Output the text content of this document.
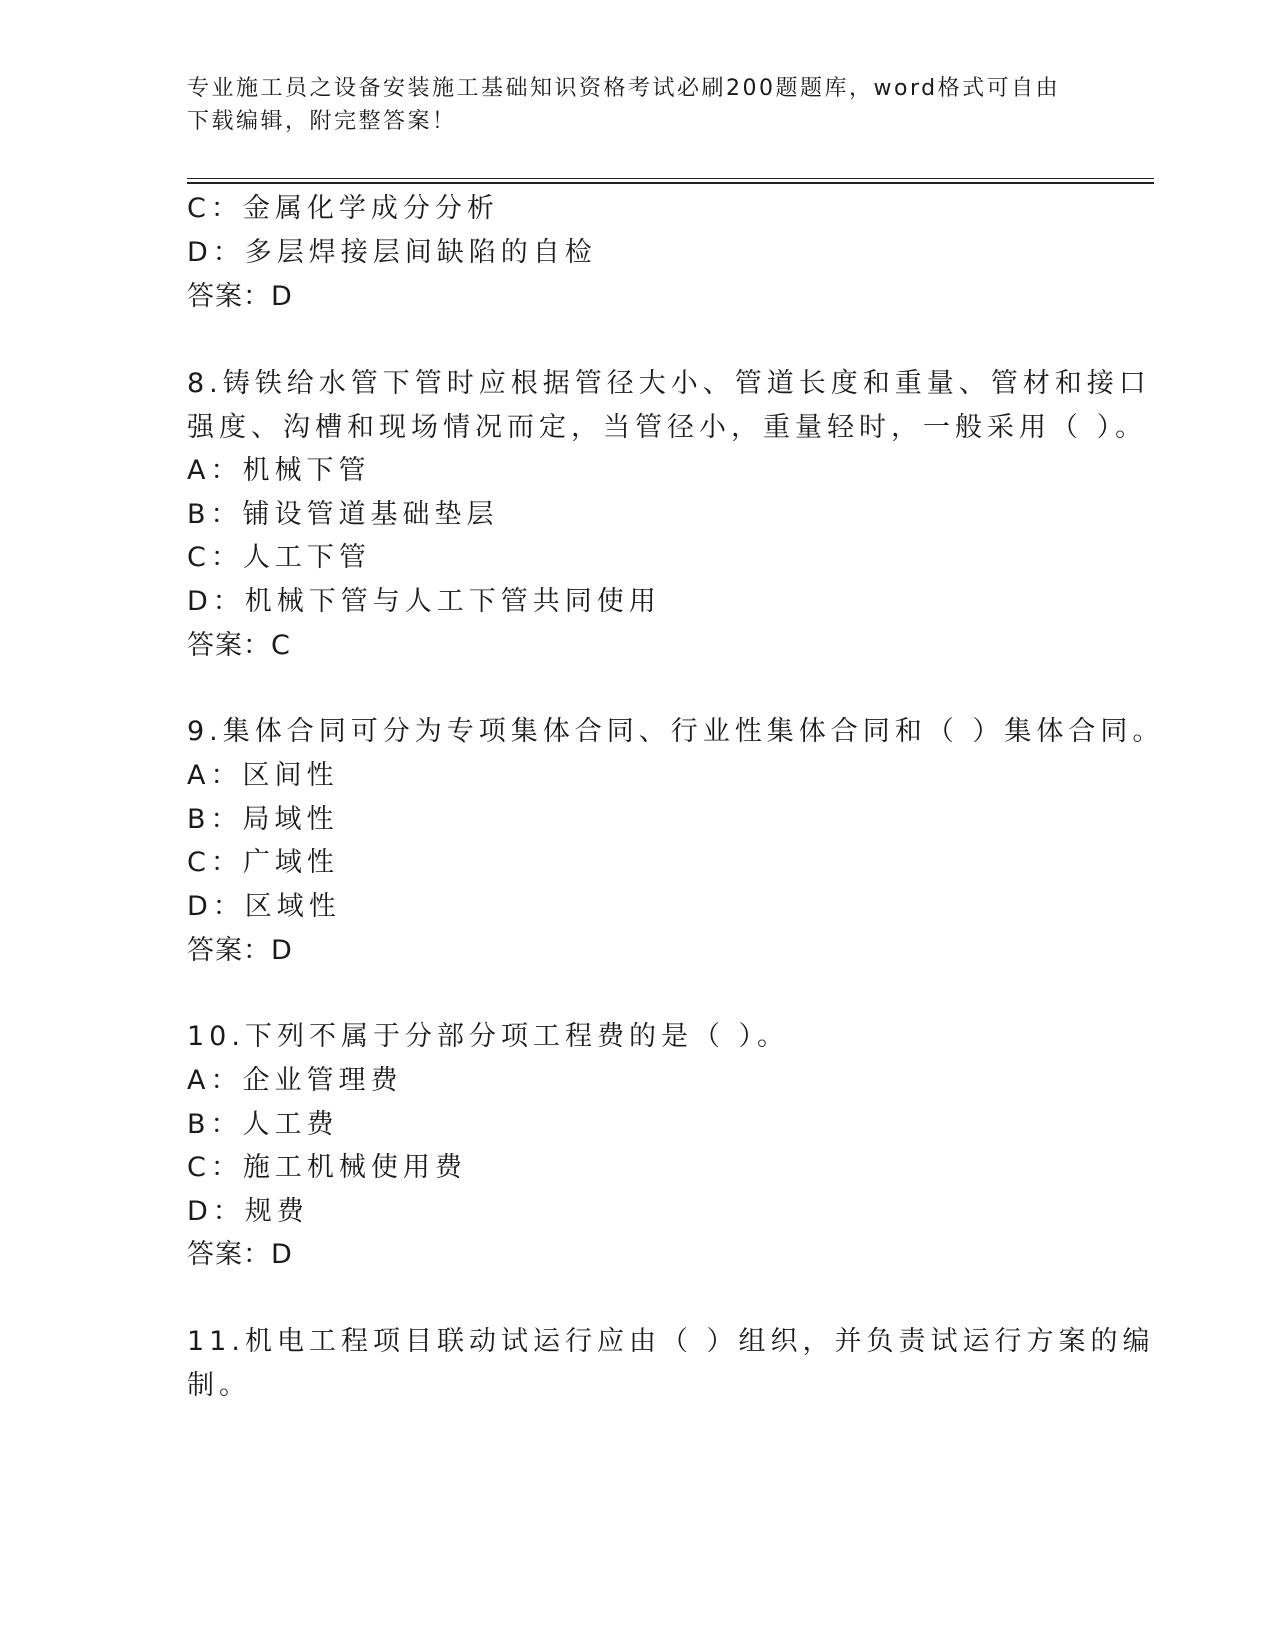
专业施工员之设备安装施工基础知识资格考试必刷200题题库，word格式可自由
下载编辑，附完整答案！
C：金属化学成分分析
D：多层焊接层间缺陷的自检
答案：D
8.铸铁给水管下管时应根据管径大小、管道长度和重量、管材和接口
强度、沟槽和现场情况而定，当管径小，重量轻时，一般采用（ ）。
A：机械下管
B：铺设管道基础垫层
C：人工下管
D：机械下管与人工下管共同使用
答案：C
9.集体合同可分为专项集体合同、行业性集体合同和（ ）集体合同。
A：区间性
B：局域性
C：广域性
D：区域性
答案：D
10.下列不属于分部分项工程费的是（ ）。
A：企业管理费
B：人工费
C：施工机械使用费
D：规费
答案：D
11.机电工程项目联动试运行应由（ ）组织，并负责试运行方案的编
制。
